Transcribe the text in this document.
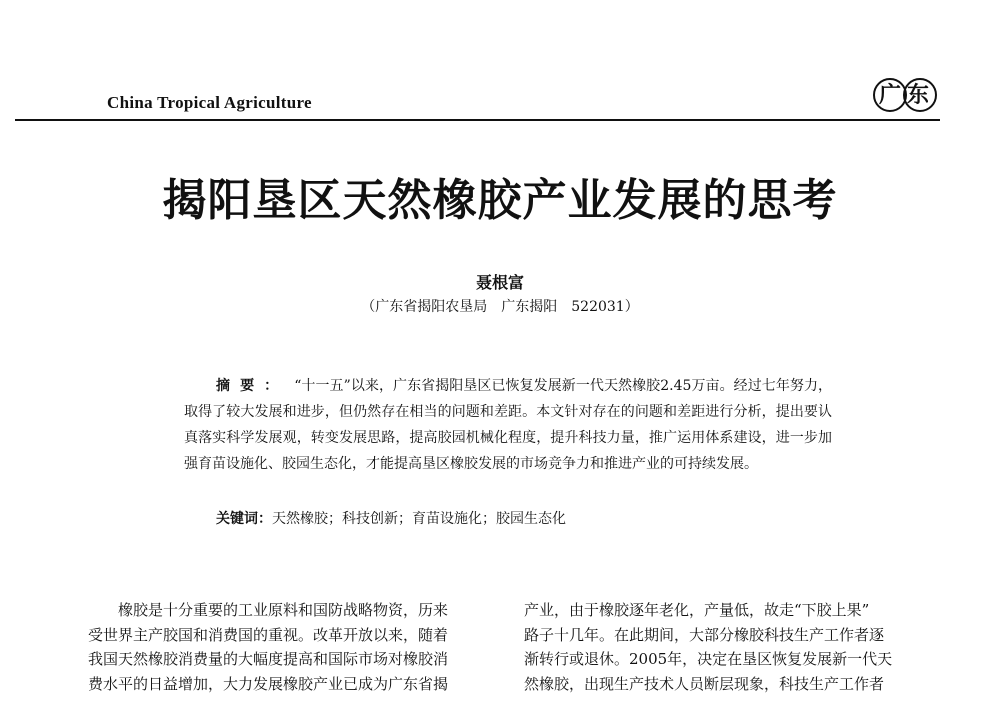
China Tropical Agriculture	广东
揭阳垦区天然橡胶产业发展的思考
聂根富
（广东省揭阳农垦局　广东揭阳　522031）
摘要： “十一五”以来，广东省揭阳垦区已恢复发展新一代天然橡胶2.45万亩。经过七年努力，取得了较大发展和进步，但仍然存在相当的问题和差距。本文针对存在的问题和差距进行分析，提出要认真落实科学发展观，转变发展思路，提高胶园机械化程度，提升科技力量，推广运用体系建设，进一步加强育苗设施化、胶园生态化，才能提高垦区橡胶发展的市场竞争力和推进产业的可持续发展。
关键词：天然橡胶；科技创新；育苗设施化；胶园生态化
　　橡胶是十分重要的工业原料和国防战略物资，历来
受世界主产胶国和消费国的重视。改革开放以来，随着
我国天然橡胶消费量的大幅度提高和国际市场对橡胶消
费水平的日益增加，大力发展橡胶产业已成为广东省揭
产业，由于橡胶逐年老化，产量低，故走“下胶上果”
路子十几年。在此期间，大部分橡胶科技生产工作者逐
渐转行或退休。2005年，决定在垦区恢复发展新一代天
然橡胶，出现生产技术人员断层现象，科技生产工作者
